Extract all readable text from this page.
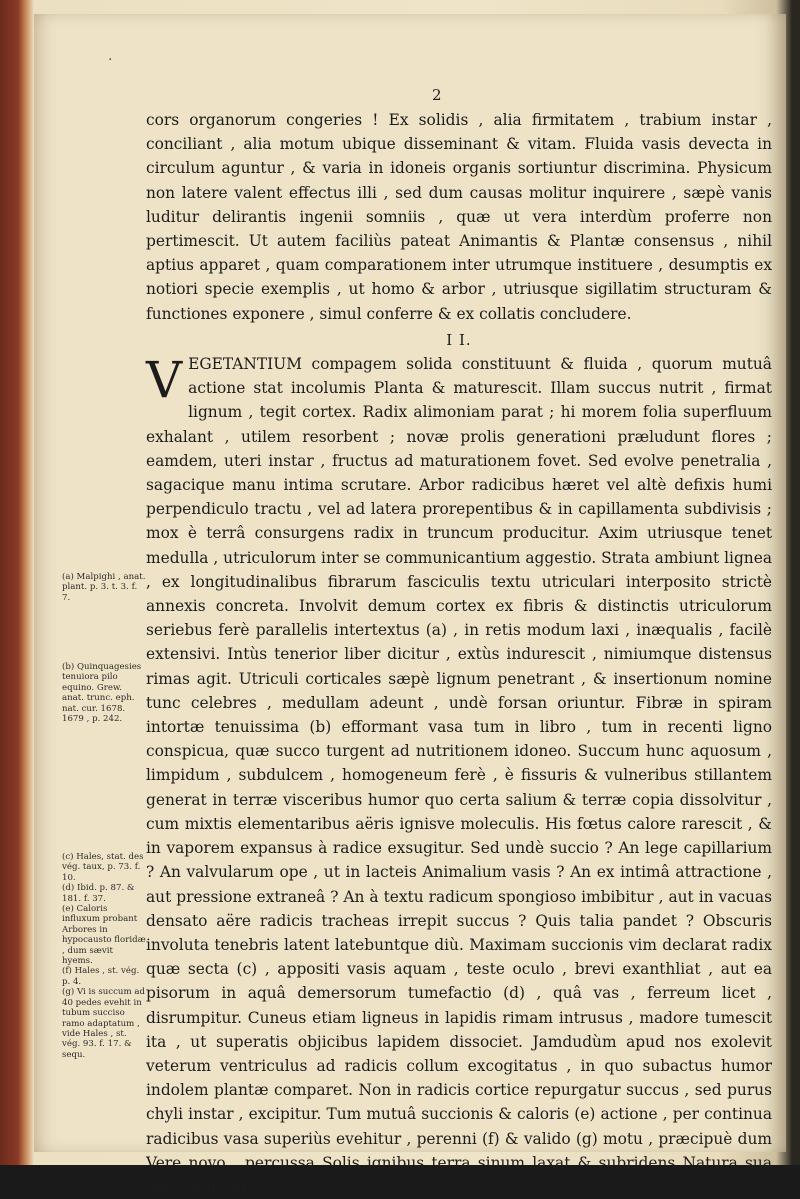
·
2

cors organorum congeries ! Ex solidis , alia firmitatem , trabium instar , conciliant , alia motum ubique disseminant & vitam. Fluida vasis devecta in circulum aguntur , & varia in idoneis organis sortiuntur discrimina. Physicum non latere valent effectus illi , sed dum causas molitur inquirere , sæpè vanis luditur delirantis ingenii somniis , quæ ut vera interdùm proferre non pertimescit. Ut autem faciliùs pateat Animantis & Plantæ consensus , nihil aptius apparet , quam comparationem inter utrumque instituere , desumptis ex notiori specie exemplis , ut homo & arbor , utriusque sigillatim structuram & functiones exponere , simul conferre & ex collatis concludere.

I I.

V EGETANTIUM compagem solida constituunt & fluida , quorum mutuâ actione stat incolumis Planta & maturescit. Illam succus nutrit , firmat lignum , tegit cortex. Radix alimoniam parat ; hi morem folia superfluum exhalant , utilem resorbent ; novæ prolis generationi præludunt flores ; eamdem, uteri instar , fructus ad maturationem fovet. Sed evolve penetralia , sagacique manu intima scrutare. Arbor radicibus hæret vel altè defixis humi perpendiculo tractu , vel ad latera prorepentibus & in capillamenta subdivisis ; mox è terrâ consurgens radix in truncum producitur. Axim utriusque tenet medulla , utriculorum inter se communicantium aggestio. Strata ambiunt lignea , ex longitudinalibus fibrarum fasciculis textu utriculari interposito strictè annexis concreta. Involvit demum cortex ex fibris & distinctis utriculorum seriebus ferè parallelis intertextus (a) , in retis modum laxi , inæqualis , facilè extensivi. Intùs tenerior liber dicitur , extùs indurescit , nimiumque distensus rimas agit. Utriculi corticales sæpè lignum penetrant , & insertionum nomine tunc celebres , medullam adeunt , undè forsan oriuntur. Fibræ in spiram intortæ tenuissima (b) efformant vasa tum in libro , tum in recenti ligno conspicua, quæ succo turgent ad nutritionem idoneo. Succum hunc aquosum , limpidum , subdulcem , homogeneum ferè , è fissuris & vulneribus stillantem generat in terræ visceribus humor quo certa salium & terræ copia dissolvitur , cum mixtis elementaribus aëris ignisve moleculis. His fœtus calore rarescit , & in vaporem expansus à radice exsugitur. Sed undè succio ? An lege capillarium ? An valvularum ope , ut in lacteis Animalium vasis ? An ex intimâ attractione , aut pressione extraneâ ? An à textu radicum spongioso imbibitur , aut in vacuas densato aëre radicis tracheas irrepit succus ? Quis talia pandet ? Obscuris involuta tenebris latent latebuntque diù. Maximam succionis vim declarat radix quæ secta (c) , appositi vasis aquam , teste oculo , brevi exanthliat , aut ea pisorum in aquâ demersorum tumefactio (d) , quâ vas , ferreum licet , disrumpitur. Cuneus etiam ligneus in lapidis rimam intrusus , madore tumescit ita , ut superatis objicibus lapidem dissociet. Jamdudùm apud nos exolevit veterum ventriculus ad radicis collum excogitatus , in quo subactus humor indolem plantæ comparet. Non in radicis cortice repurgatur succus , sed purus chyli instar , excipitur. Tum mutuâ succionis & caloris (e) actione , per continua radicibus vasa superiùs evehitur , perenni (f) & valido (g) motu , præcipuè dum Vere novo , percussa Solis ignibus terra sinum laxat & subridens Natura sua depromit dona.

(a) Malpighi , anat. plant. p. 3. t. 3. f. 7.
(b) Quinquagesies tenuiora pilo equino. Grew. anat. trunc. eph. nat. cur. 1678. 1679 , p. 242.
(c) Hales, stat. des vég. taux, p. 73. f. 10.
(d) Ibid. p. 87. & 181. f. 37.
(e) Caloris influxum probant Arbores in hypocausto floridæ , dum sævit hyems.
(f) Hales , st. vég. p. 4.
(g) Vi is succum ad 40 pedes evehit in tubum succiso ramo adaptatum , vide Hales , st. vég. 93. f. 17. & sequ.
